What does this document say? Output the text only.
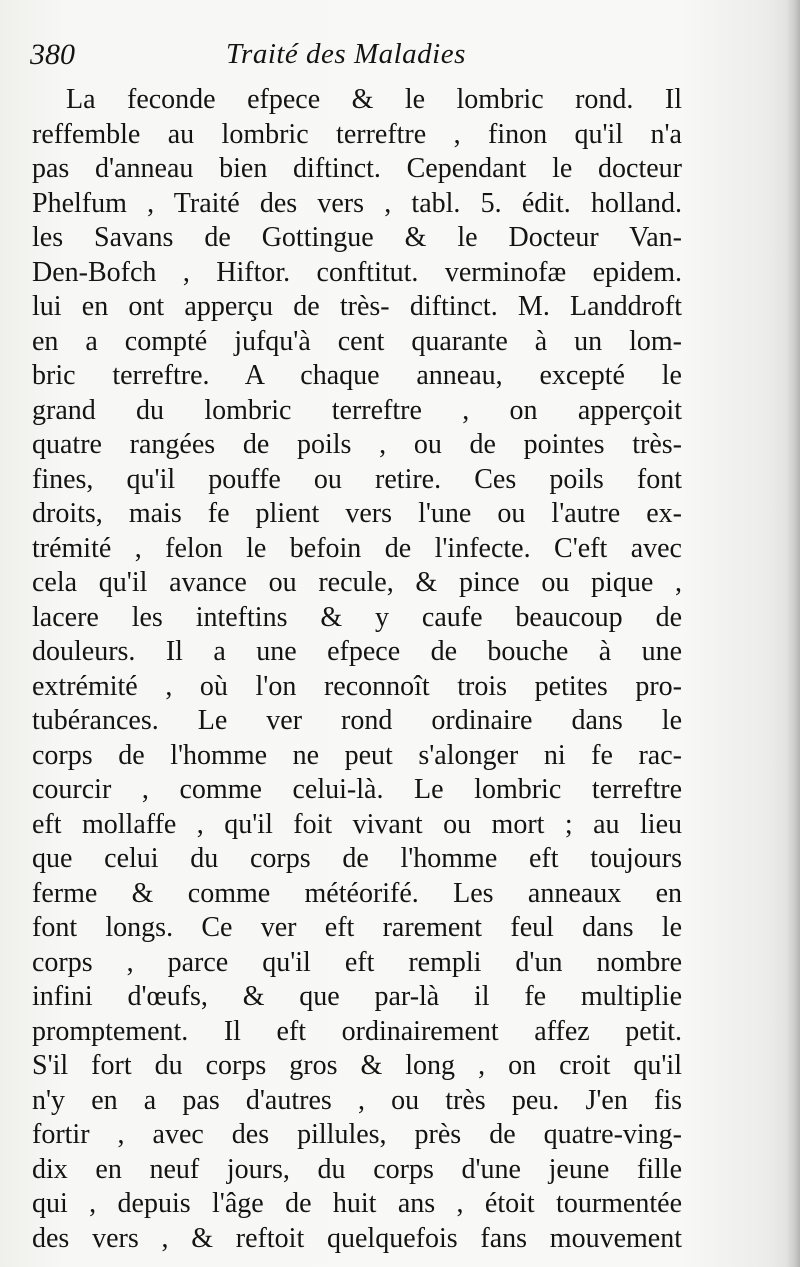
380	Traité des Maladies
La feconde efpece & le lombric rond. Il
reffemble au lombric terreftre , finon qu'il n'a
pas d'anneau bien diftinct. Cependant le docteur
Phelfum , Traité des vers , tabl. 5. édit. holland.
les Savans de Gottingue & le Docteur Van-
Den-Bofch , Hiftor. conftitut. verminofæ epidem.
lui en ont apperçu de très- diftinct. M. Landdroft
en a compté jufqu'à cent quarante à un lom-
bric terreftre. A chaque anneau, excepté le
grand du lombric terreftre , on apperçoit
quatre rangées de poils , ou de pointes très-
fines, qu'il pouffe ou retire. Ces poils font
droits, mais fe plient vers l'une ou l'autre ex-
trémité , felon le befoin de l'infecte. C'eft avec
cela qu'il avance ou recule, & pince ou pique ,
lacere les inteftins & y caufe beaucoup de
douleurs. Il a une efpece de bouche à une
extrémité , où l'on reconnoît trois petites pro-
tubérances. Le ver rond ordinaire dans le
corps de l'homme ne peut s'alonger ni fe rac-
courcir , comme celui-là. Le lombric terreftre
eft mollaffe , qu'il foit vivant ou mort ; au lieu
que celui du corps de l'homme eft toujours
ferme & comme météorifé. Les anneaux en
font longs. Ce ver eft rarement feul dans le
corps , parce qu'il eft rempli d'un nombre
infini d'œufs, & que par-là il fe multiplie
promptement. Il eft ordinairement affez petit.
S'il fort du corps gros & long , on croit qu'il
n'y en a pas d'autres , ou très peu. J'en fis
fortir , avec des pillules, près de quatre-ving-
dix en neuf jours, du corps d'une jeune fille
qui , depuis l'âge de huit ans , étoit tourmentée
des vers , & reftoit quelquefois fans mouvement
